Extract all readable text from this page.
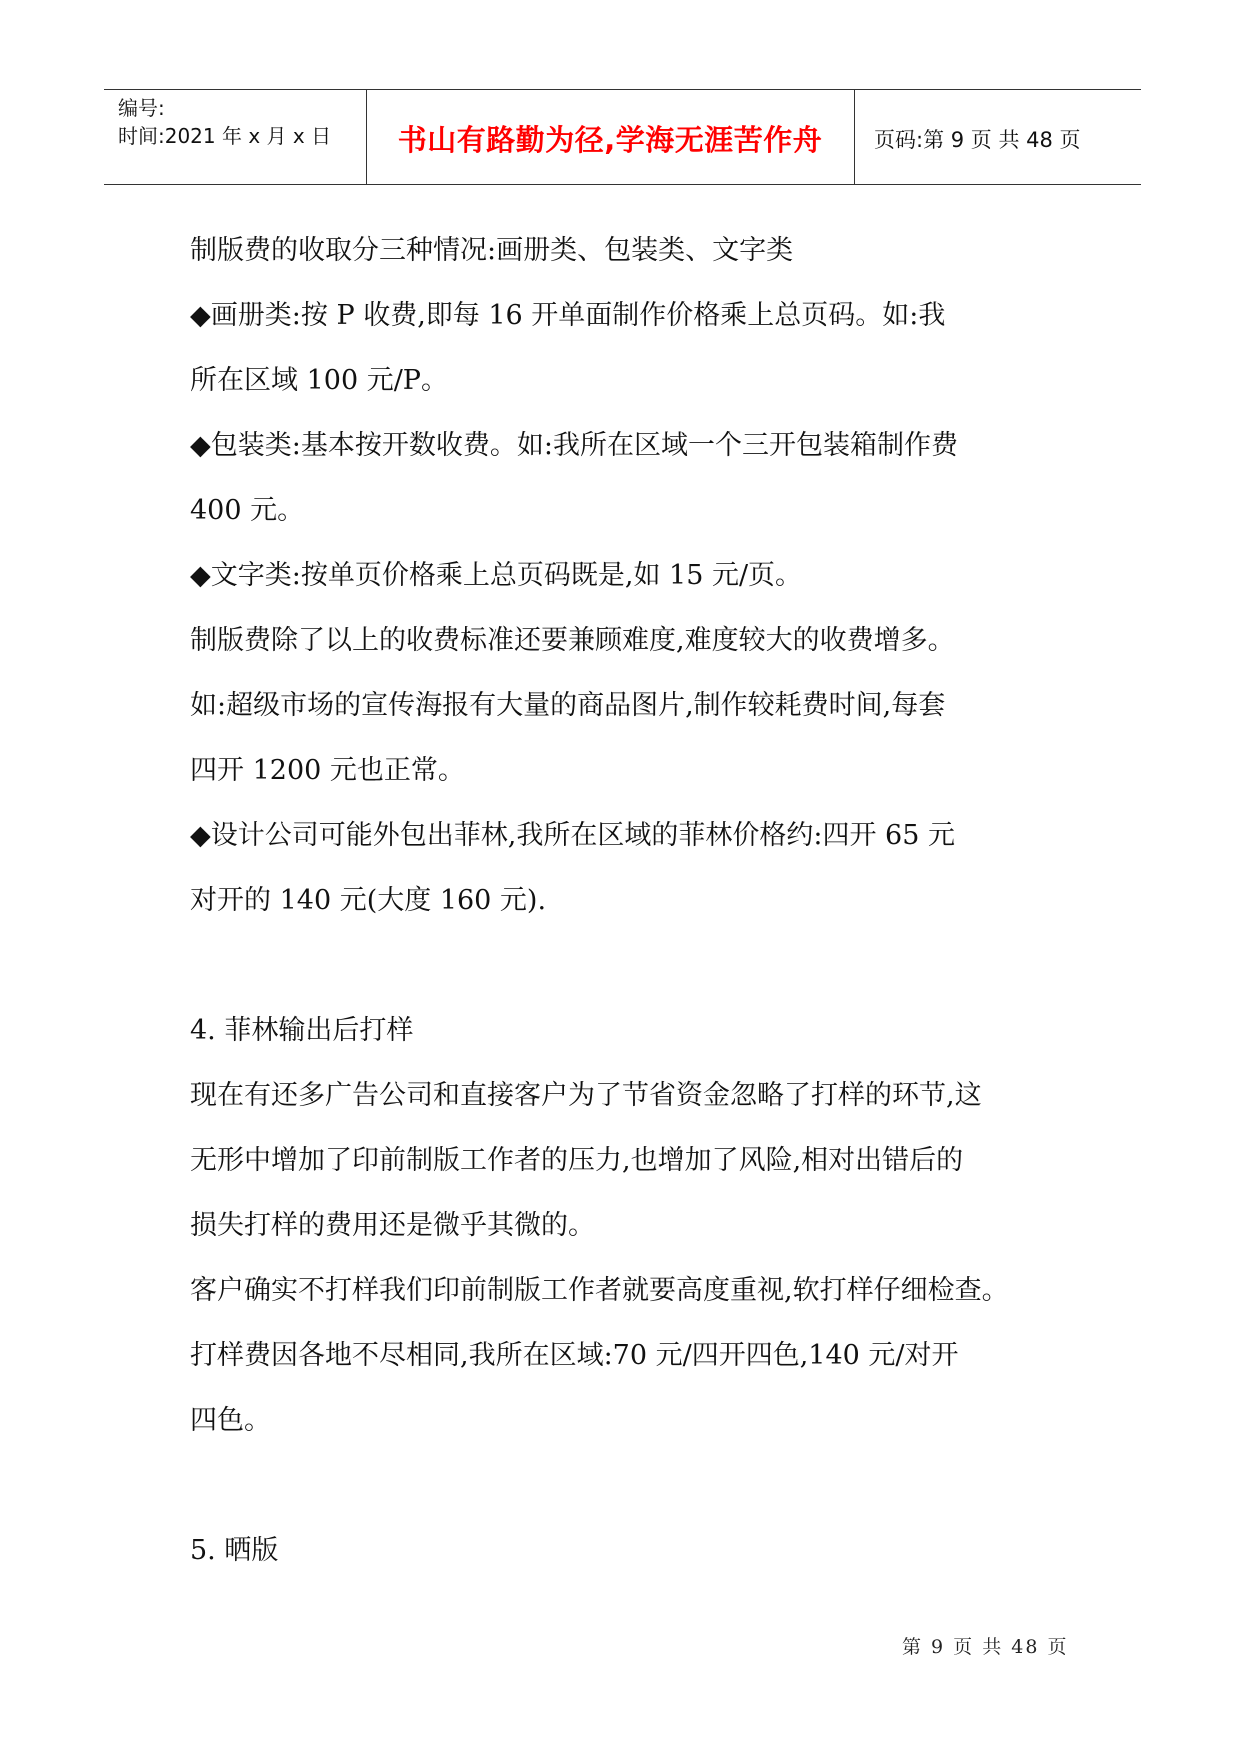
编号:
时间:2021 年 x 月 x 日	书山有路勤为径,学海无涯苦作舟	页码:第 9 页 共 48 页

制版费的收取分三种情况:画册类、包装类、文字类

◆画册类:按 P 收费,即每 16 开单面制作价格乘上总页码。如:我
所在区域 100 元/P。

◆包装类:基本按开数收费。如:我所在区域一个三开包装箱制作费
400 元。

◆文字类:按单页价格乘上总页码既是,如 15 元/页。

制版费除了以上的收费标准还要兼顾难度,难度较大的收费增多。

如:超级市场的宣传海报有大量的商品图片,制作较耗费时间,每套
四开 1200 元也正常。

◆设计公司可能外包出菲林,我所在区域的菲林价格约:四开 65 元
对开的 140 元(大度 160 元).

4. 菲林输出后打样

现在有还多广告公司和直接客户为了节省资金忽略了打样的环节,这
无形中增加了印前制版工作者的压力,也增加了风险,相对出错后的
损失打样的费用还是微乎其微的。

客户确实不打样我们印前制版工作者就要高度重视,软打样仔细检查。

打样费因各地不尽相同,我所在区域:70 元/四开四色,140 元/对开
四色。

5. 晒版

第 9 页 共 48 页
